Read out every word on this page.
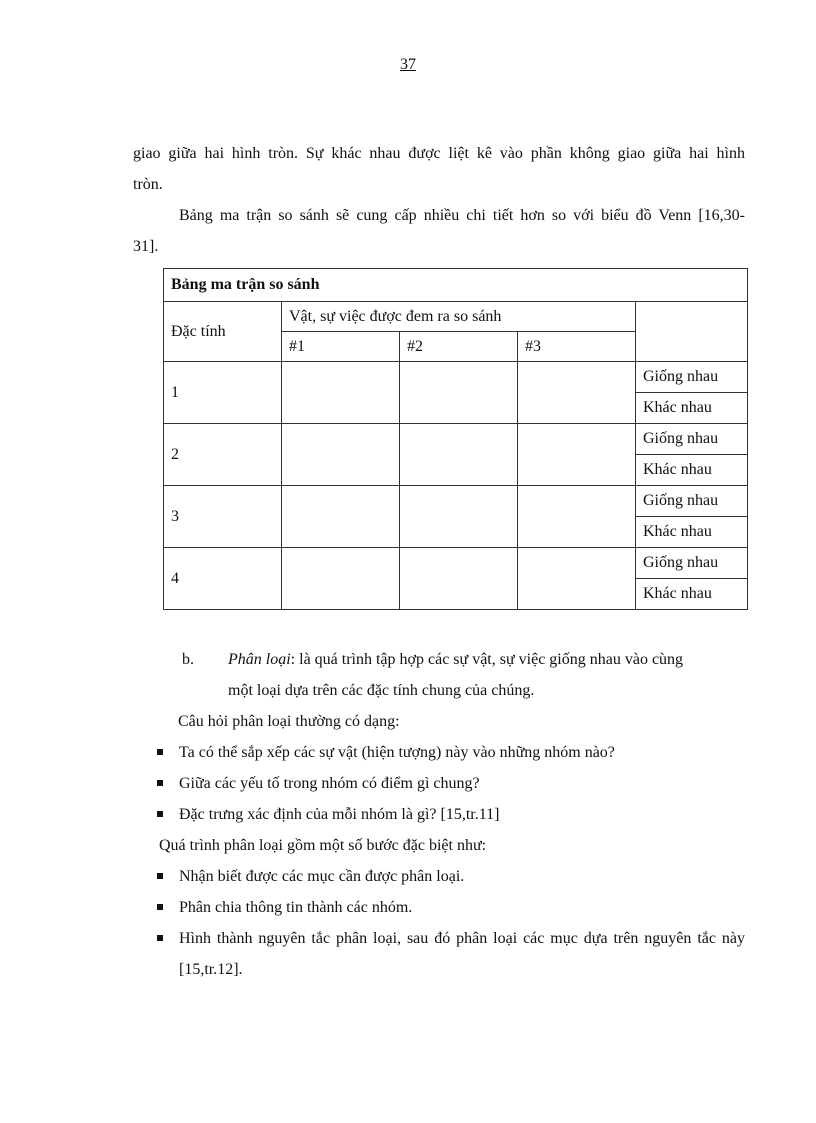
37

giao giữa hai hình tròn. Sự khác nhau được liệt kê vào phần không giao giữa hai hình
tròn.

Bảng ma trận so sánh sẽ cung cấp nhiều chi tiết hơn so với biểu đồ Venn [16,30-
31].

Bảng ma trận so sánh				
Đặc tính	Vật, sự việc được đem ra so sánh			
	#1	#2	#3	
1				Giống nhau
				Khác nhau
2				Giống nhau
				Khác nhau
3				Giống nhau
				Khác nhau
4				Giống nhau
				Khác nhau
b. Phân loại: là quá trình tập hợp các sự vật, sự việc giống nhau vào cùng
một loại dựa trên các đặc tính chung của chúng.

Câu hỏi phân loại thường có dạng:

Ta có thể sắp xếp các sự vật (hiện tượng) này vào những nhóm nào?
Giữa các yếu tố trong nhóm có điểm gì chung?
Đặc trưng xác định của mỗi nhóm là gì? [15,tr.11]

Quá trình phân loại gồm một số bước đặc biệt như:

Nhận biết được các mục cần được phân loại.
Phân chia thông tin thành các nhóm.
Hình thành nguyên tắc phân loại, sau đó phân loại các mục dựa trên nguyên tắc này [15,tr.12].
